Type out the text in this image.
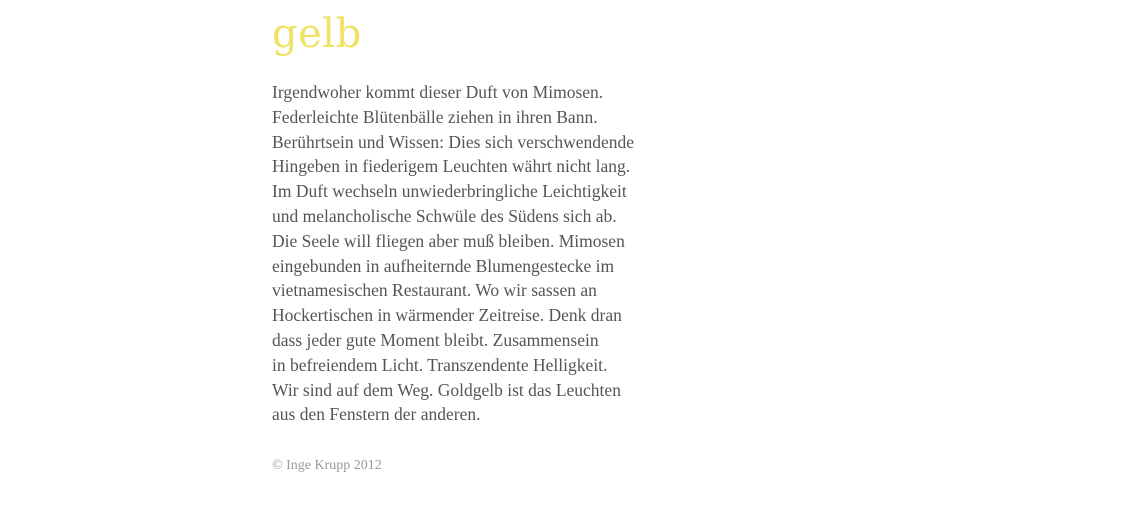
gelb
Irgendwoher kommt dieser Duft von Mimosen.
Federleichte Blütenbälle ziehen in ihren Bann.
Berührtsein und Wissen: Dies sich verschwendende
Hingeben in fiederigem Leuchten währt nicht lang.
Im Duft wechseln unwiederbringliche Leichtigkeit
und melancholische Schwüle des Südens sich ab.
Die Seele will fliegen aber muß bleiben. Mimosen
eingebunden in aufheiternde Blumengestecke im
vietnamesischen Restaurant. Wo wir sassen an
Hockertischen in wärmender Zeitreise. Denk dran
dass jeder gute Moment bleibt. Zusammensein
in befreiendem Licht. Transzendente Helligkeit.
Wir sind auf dem Weg. Goldgelb ist das Leuchten
aus den Fenstern der anderen.
© Inge Krupp 2012
